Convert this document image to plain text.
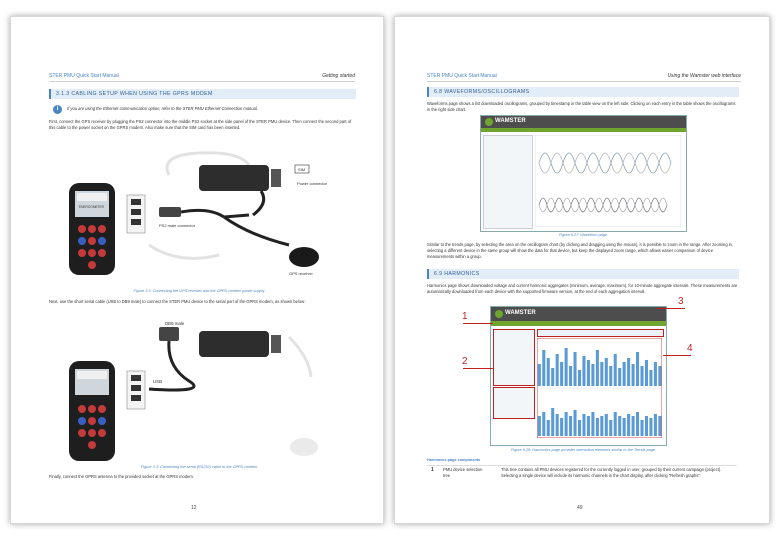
STER PMU Quick Start Manual	Getting started
3.1.3 CABLING SETUP WHEN USING THE GPRS MODEM
i	If you are using the Ethernet communication option, refer to the STER PMU Ethernet Connection manual.
First, connect the GPS receiver by plugging the PS2 connector into the middle PS2 socket at the side panel of the STER PMU device. Then connect the second part of this cable to the power socket on the GPRS modem. Also make sure that the SIM card has been inserted.
SIM
Power connector
PS2 male connector
GPS receiver
ENERGOMETER
Figure 3.2: Connecting the GPS receiver and the GPRS modem power supply
Next, use the short serial cable (USB to DB9 male) to connect the STER PMU device to the serial port of the GPRS modem, as shown below:
DB9 male
USB
Figure 3.3: Connecting the serial (RS232) cable to the GPRS modem
Finally, connect the GPRS antenna to the provided socket at the GPRS modem.
12
STER PMU Quick Start Manual	Using the Wamster web interface
6.8 WAVEFORMS/OSCILLOGRAMS
Waveforms page shows a list downloaded oscillograms, grouped by timestamp in the table view on the left side. Clicking on each entry in the table shows the oscillograms in the right side chart.
WAMSTER
Figure 6.27: Waveform page
Similar to the trends page, by selecting the area on the oscillogram chart (by clicking and dragging using the mouse), it is possible to zoom in the range. After zooming in, selecting a different device in the same group will show the data for that device, but keep the displayed zoom range, which allows easier comparison of device measurements within a group.
6.9 HARMONICS
Harmonics page shows downloaded voltage and current harmonic aggregates (minimum, average, maximum), for 10-minute aggregate intervals. These measurements are automatically downloaded from each device with the supported firmware version, at the end of each aggregation interval.
WAMSTER
1
2
3
4
Figure 6.28: Harmonics page provides interaction elements similar to the Trends page
Harmonics page components
1 PMU device selection tree
This tree contains all PMU devices registered for the currently logged in user, grouped by their current campaign (project). Selecting a single device will include its harmonic channels in the chart display, after clicking "Refresh graphs".
49
